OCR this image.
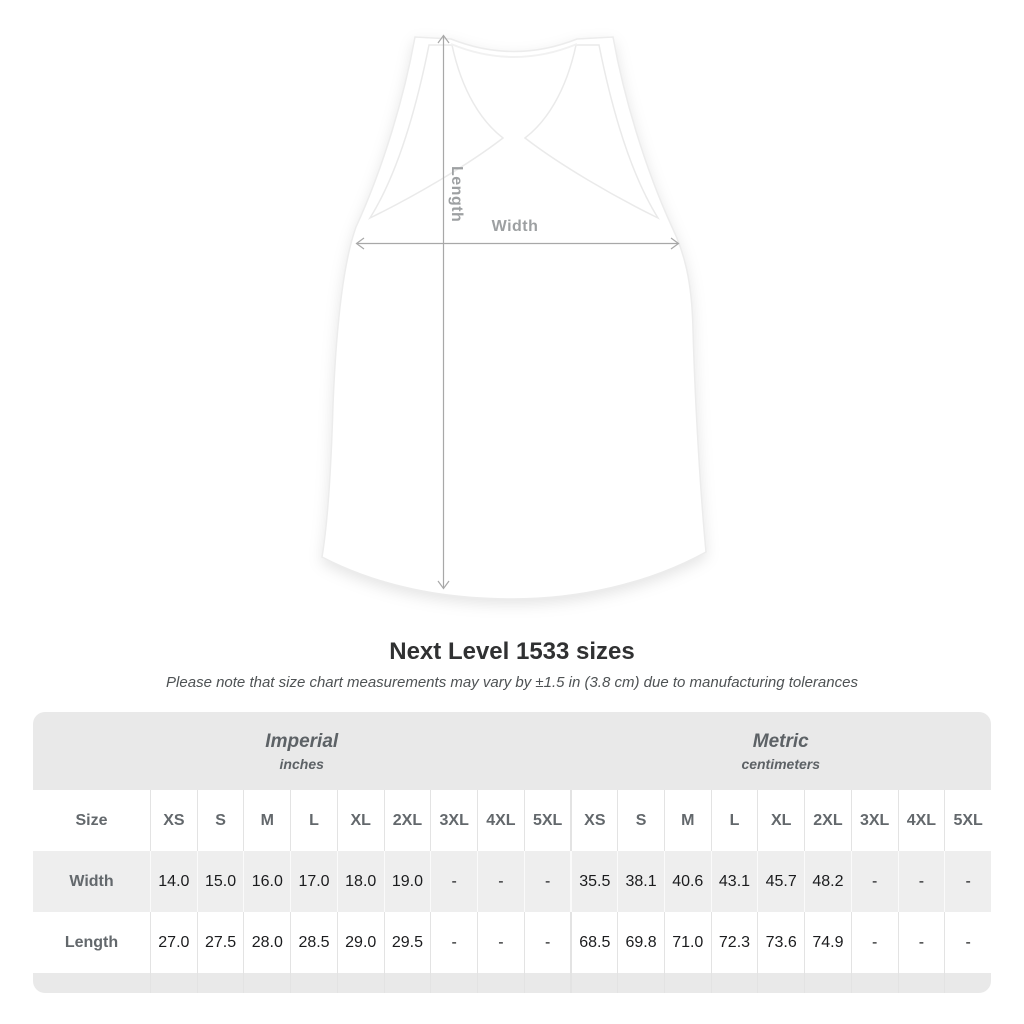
Length
Width
Next Level 1533 sizes
Please note that size chart measurements may vary by ±1.5 in (3.8 cm) due to manufacturing tolerances
Imperial
inches

Metric
centimeters

Size	XS	S	M	L	XL	2XL	3XL	4XL	5XL	XS	S	M	L	XL	2XL	3XL	4XL	5XL
Width	14.0	15.0	16.0	17.0	18.0	19.0	-	-	-	35.5	38.1	40.6	43.1	45.7	48.2	-	-	-
Length	27.0	27.5	28.0	28.5	29.0	29.5	-	-	-	68.5	69.8	71.0	72.3	73.6	74.9	-	-	-
